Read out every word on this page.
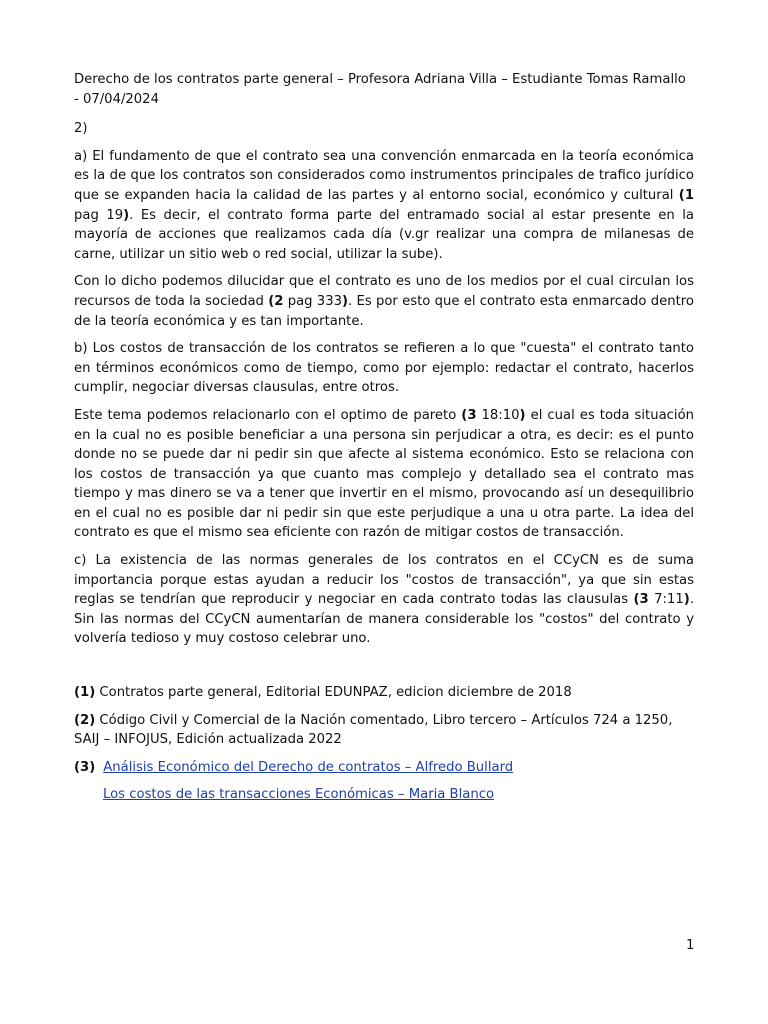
Derecho de los contratos parte general – Profesora Adriana Villa – Estudiante Tomas Ramallo - 07/04/2024

2)

a) El fundamento de que el contrato sea una convención enmarcada en la teoría económica es la de que los contratos son considerados como instrumentos principales de trafico jurídico que se expanden hacia la calidad de las partes y al entorno social, económico y cultural (1 pag 19). Es decir, el contrato forma parte del entramado social al estar presente en la mayoría de acciones que realizamos cada día (v.gr realizar una compra de milanesas de carne, utilizar un sitio web o red social, utilizar la sube).

Con lo dicho podemos dilucidar que el contrato es uno de los medios por el cual circulan los recursos de toda la sociedad (2 pag 333). Es por esto que el contrato esta enmarcado dentro de la teoría económica y es tan importante.

b) Los costos de transacción de los contratos se refieren a lo que "cuesta" el contrato tanto en términos económicos como de tiempo, como por ejemplo: redactar el contrato, hacerlos cumplir, negociar diversas clausulas, entre otros.

Este tema podemos relacionarlo con el optimo de pareto (3 18:10) el cual es toda situación en la cual no es posible beneficiar a una persona sin perjudicar a otra, es decir: es el punto donde no se puede dar ni pedir sin que afecte al sistema económico. Esto se relaciona con los costos de transacción ya que cuanto mas complejo y detallado sea el contrato mas tiempo y mas dinero se va a tener que invertir en el mismo, provocando así un desequilibrio en el cual no es posible dar ni pedir sin que este perjudique a una u otra parte. La idea del contrato es que el mismo sea eficiente con razón de mitigar costos de transacción.

c) La existencia de las normas generales de los contratos en el CCyCN es de suma importancia porque estas ayudan a reducir los "costos de transacción", ya que sin estas reglas se tendrían que reproducir y negociar en cada contrato todas las clausulas (3 7:11). Sin las normas del CCyCN aumentarían de manera considerable los "costos" del contrato y volvería tedioso y muy costoso celebrar uno.

(1) Contratos parte general, Editorial EDUNPAZ, edicion diciembre de 2018

(2) Código Civil y Comercial de la Nación comentado, Libro tercero – Artículos 724 a 1250, SAIJ – INFOJUS, Edición actualizada 2022

(3) Análisis Económico del Derecho de contratos – Alfredo Bullard

Los costos de las transacciones Económicas – Maria Blanco

1
